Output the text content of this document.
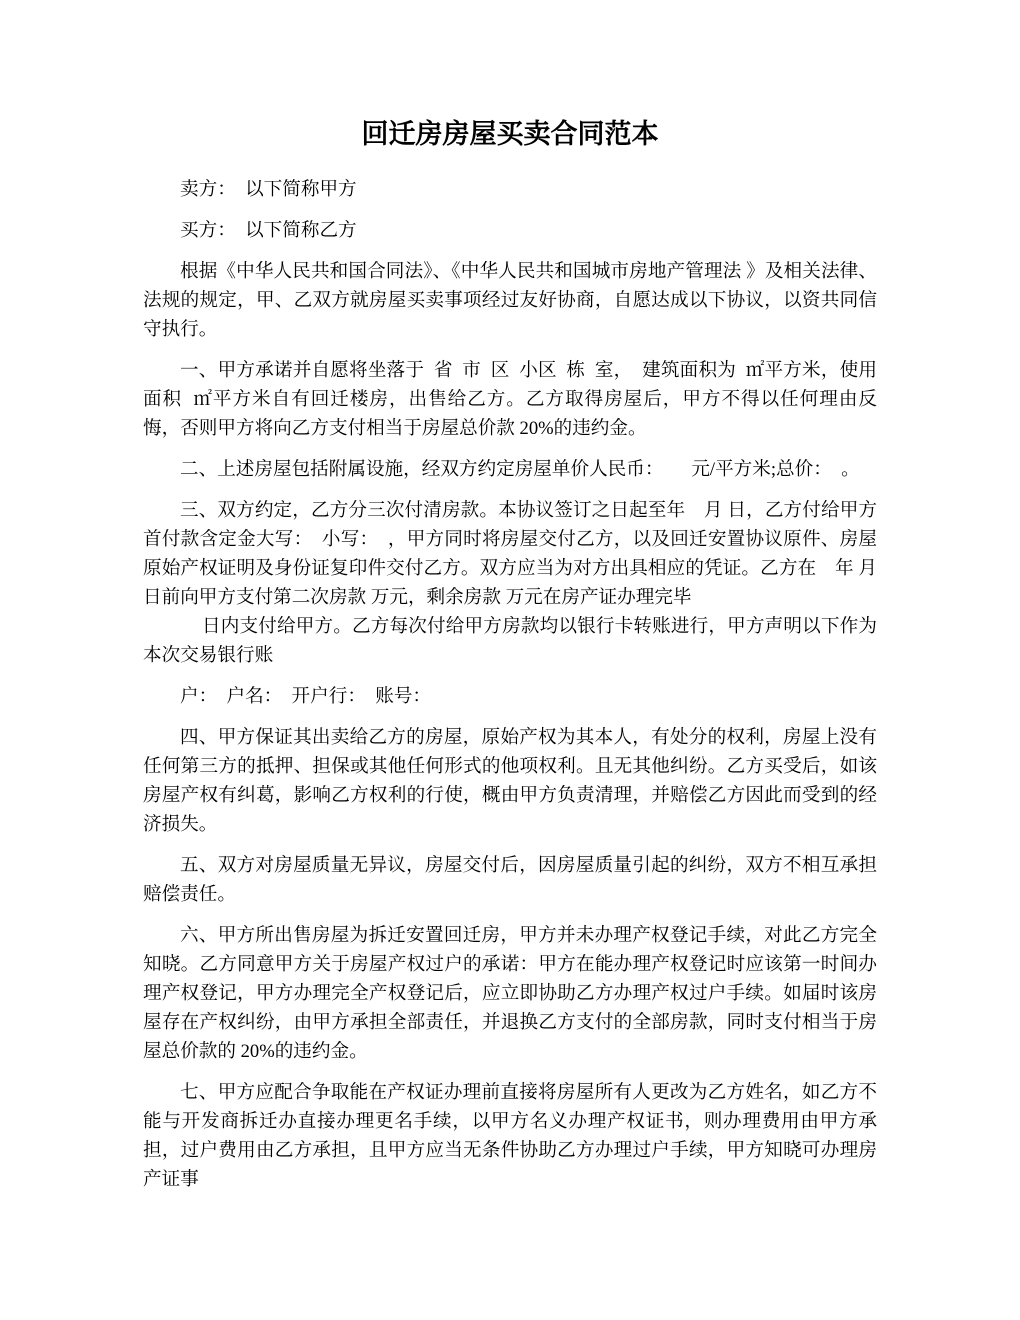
回迁房房屋买卖合同范本

卖方：　以下简称甲方

买方：　以下简称乙方

根据《中华人民共和国合同法》、《中华人民共和国城市房地产管理法 》及相关法律、法规的规定，甲、乙双方就房屋买卖事项经过友好协商，自愿达成以下协议，以资共同信守执行。

一、甲方承诺并自愿将坐落于  省  市  区  小区  栋  室，  建筑面积为  ㎡平方米，使用面积  ㎡平方米自有回迁楼房，出售给乙方。乙方取得房屋后，甲方不得以任何理由反悔，否则甲方将向乙方支付相当于房屋总价款 20%的违约金。

二、上述房屋包括附属设施，经双方约定房屋单价人民币：　　元/平方米;总价：　。

三、双方约定，乙方分三次付清房款。本协议签订之日起至年　月 日，乙方付给甲方首付款含定金大写：　小写：　，甲方同时将房屋交付乙方，以及回迁安置协议原件、房屋原始产权证明及身份证复印件交付乙方。双方应当为对方出具相应的凭证。乙方在　年 月日前向甲方支付第二次房款 万元，剩余房款 万元在房产证办理完毕

日内支付给甲方。乙方每次付给甲方房款均以银行卡转账进行，甲方声明以下作为本次交易银行账

户：　户名：　开户行：　账号：

四、甲方保证其出卖给乙方的房屋，原始产权为其本人，有处分的权利，房屋上没有任何第三方的抵押、担保或其他任何形式的他项权利。且无其他纠纷。乙方买受后，如该房屋产权有纠葛，影响乙方权利的行使，概由甲方负责清理，并赔偿乙方因此而受到的经济损失。

五、双方对房屋质量无异议，房屋交付后，因房屋质量引起的纠纷，双方不相互承担赔偿责任。

六、甲方所出售房屋为拆迁安置回迁房，甲方并未办理产权登记手续，对此乙方完全知晓。乙方同意甲方关于房屋产权过户的承诺：甲方在能办理产权登记时应该第一时间办理产权登记，甲方办理完全产权登记后，应立即协助乙方办理产权过户手续。如届时该房屋存在产权纠纷，由甲方承担全部责任，并退换乙方支付的全部房款，同时支付相当于房屋总价款的 20%的违约金。

七、甲方应配合争取能在产权证办理前直接将房屋所有人更改为乙方姓名，如乙方不能与开发商拆迁办直接办理更名手续，以甲方名义办理产权证书，则办理费用由甲方承担，过户费用由乙方承担，且甲方应当无条件协助乙方办理过户手续，甲方知晓可办理房产证事
